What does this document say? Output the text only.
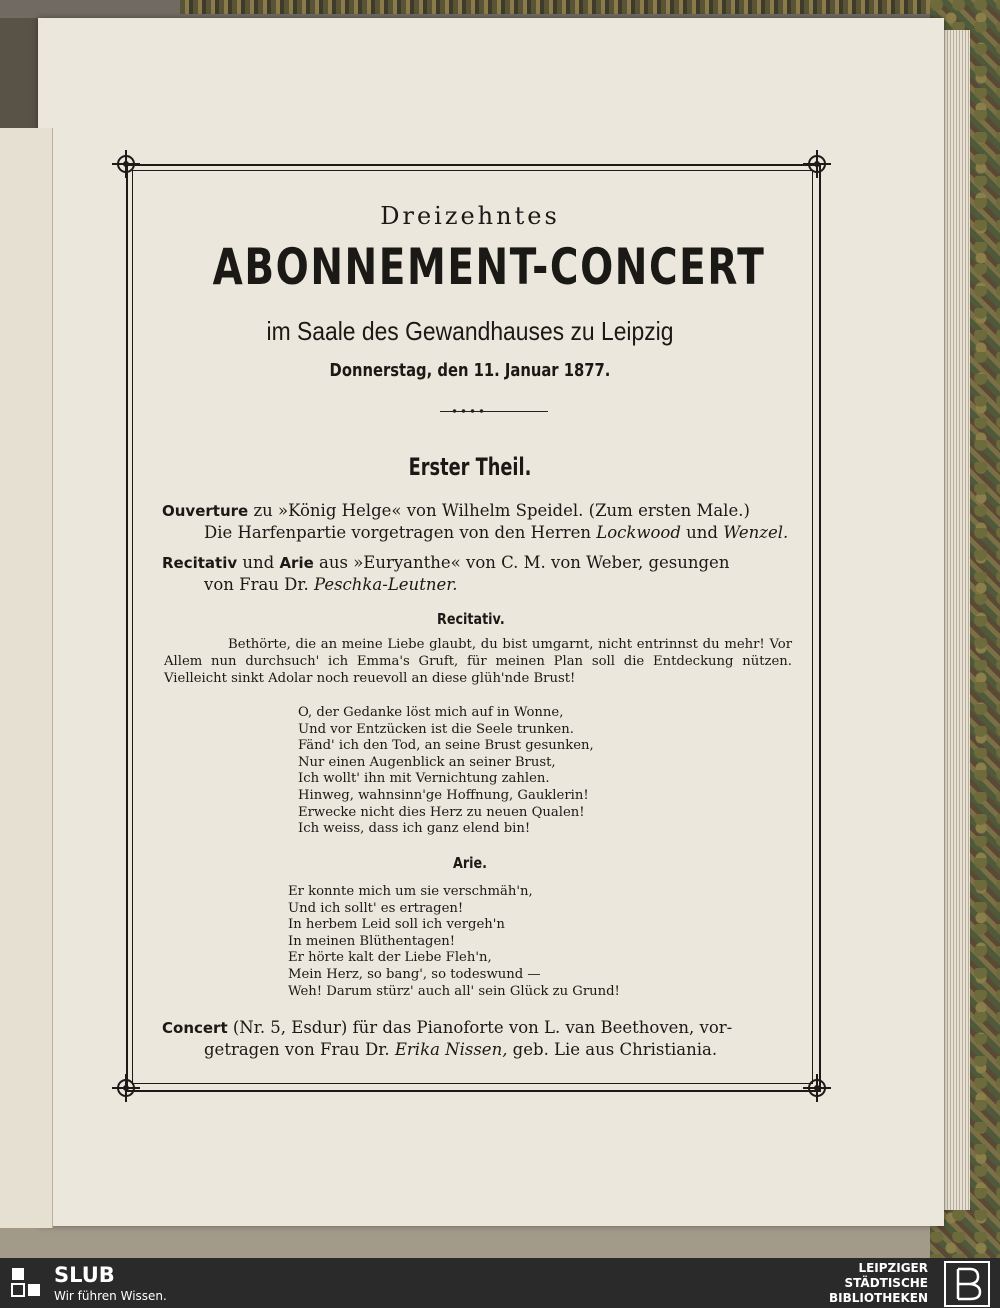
Dreizehntes
ABONNEMENT-CONCERT
im Saale des Gewandhauses zu Leipzig
Donnerstag, den 11. Januar 1877.
Erster Theil.
Ouverture zu »König Helge« von Wilhelm Speidel. (Zum ersten Male.)
Die Harfenpartie vorgetragen von den Herren Lockwood und Wenzel.
Recitativ und Arie aus »Euryanthe« von C. M. von Weber, gesungen
von Frau Dr. Peschka-Leutner.
Recitativ.
Bethörte, die an meine Liebe glaubt, du bist umgarnt, nicht entrinnst du mehr! Vor Allem nun durchsuch' ich Emma's Gruft, für meinen Plan soll die Entdeckung nützen. Vielleicht sinkt Adolar noch reuevoll an diese glüh'nde Brust!
O, der Gedanke löst mich auf in Wonne,
Und vor Entzücken ist die Seele trunken.
Fänd' ich den Tod, an seine Brust gesunken,
Nur einen Augenblick an seiner Brust,
Ich wollt' ihn mit Vernichtung zahlen.
Hinweg, wahnsinn'ge Hoffnung, Gauklerin!
Erwecke nicht dies Herz zu neuen Qualen!
Ich weiss, dass ich ganz elend bin!
Arie.
Er konnte mich um sie verschmäh'n,
Und ich sollt' es ertragen!
In herbem Leid soll ich vergeh'n
In meinen Blüthentagen!
Er hörte kalt der Liebe Fleh'n,
Mein Herz, so bang', so todeswund —
Weh! Darum stürz' auch all' sein Glück zu Grund!
Concert (Nr. 5, Esdur) für das Pianoforte von L. van Beethoven, vor-
getragen von Frau Dr. Erika Nissen, geb. Lie aus Christiania.
SLUB
Wir führen Wissen.
LEIPZIGER
STÄDTISCHE
BIBLIOTHEKEN
